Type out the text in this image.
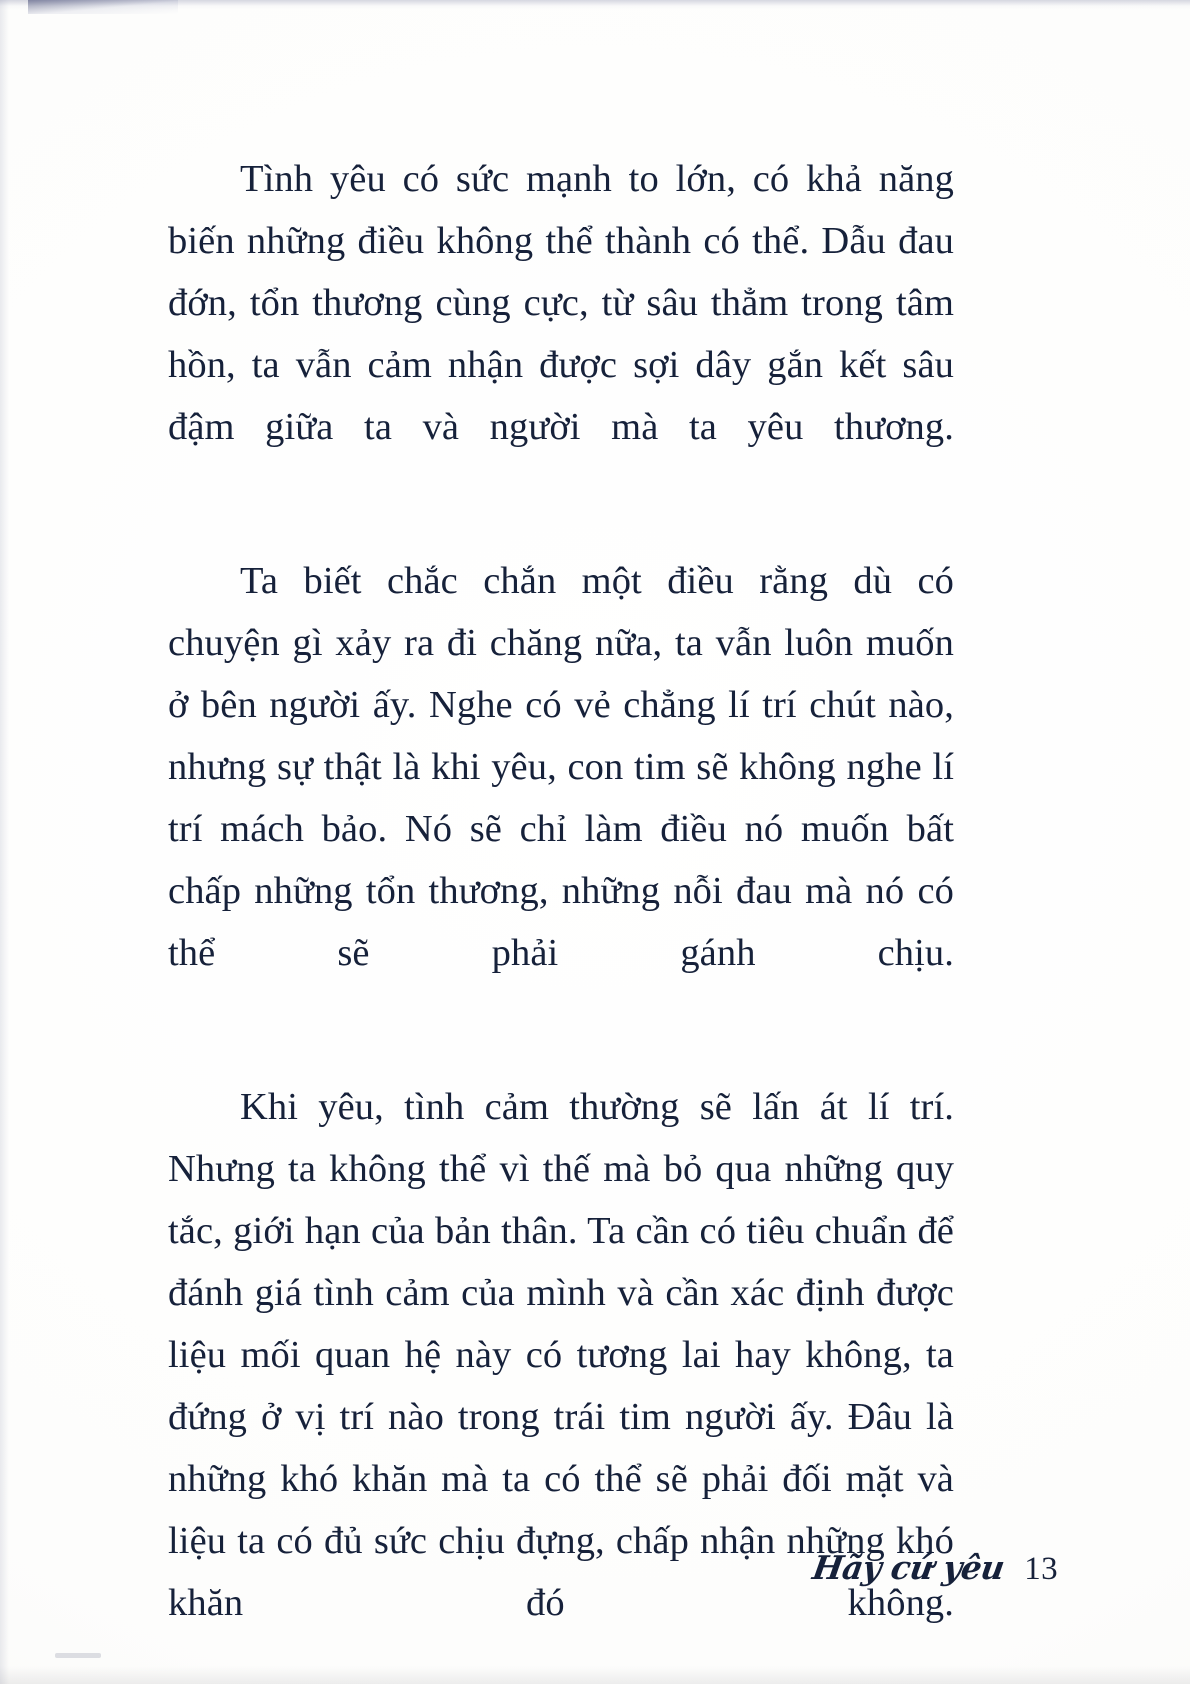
Tình yêu có sức mạnh to lớn, có khả năng biến những điều không thể thành có thể. Dẫu đau đớn, tổn thương cùng cực, từ sâu thẳm trong tâm hồn, ta vẫn cảm nhận được sợi dây gắn kết sâu đậm giữa ta và người mà ta yêu thương.

Ta biết chắc chắn một điều rằng dù có chuyện gì xảy ra đi chăng nữa, ta vẫn luôn muốn ở bên người ấy. Nghe có vẻ chẳng lí trí chút nào, nhưng sự thật là khi yêu, con tim sẽ không nghe lí trí mách bảo. Nó sẽ chỉ làm điều nó muốn bất chấp những tổn thương, những nỗi đau mà nó có thể sẽ phải gánh chịu.

Khi yêu, tình cảm thường sẽ lấn át lí trí. Nhưng ta không thể vì thế mà bỏ qua những quy tắc, giới hạn của bản thân. Ta cần có tiêu chuẩn để đánh giá tình cảm của mình và cần xác định được liệu mối quan hệ này có tương lai hay không, ta đứng ở vị trí nào trong trái tim người ấy. Đâu là những khó khăn mà ta có thể sẽ phải đối mặt và liệu ta có đủ sức chịu đựng, chấp nhận những khó khăn đó không.

Hãy cứ yêu 13
